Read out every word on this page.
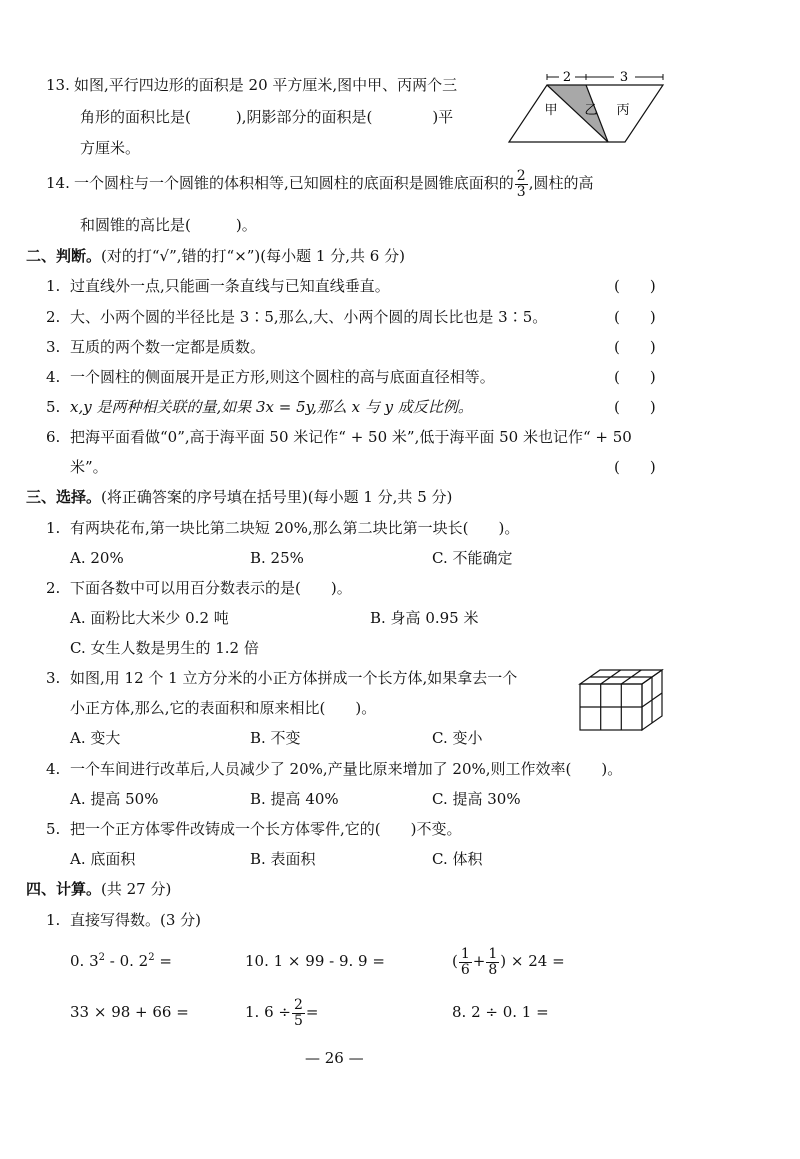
13. 如图,平行四边形的面积是 20 平方厘米,图中甲、丙两个三
角形的面积比是(　　　),阴影部分的面积是(　　　　)平
方厘米。
2	3
甲 乙 丙
14. 一个圆柱与一个圆锥的体积相等,已知圆柱的底面积是圆锥底面积的 $\frac{2}{3}$ ,圆柱的高
和圆锥的高比是(　　　)。
二、判断。(对的打“√”,错的打“×”)(每小题 1 分,共 6 分)
1. 过直线外一点,只能画一条直线与已知直线垂直。	(　　)
2. 大、小两个圆的半径比是 3∶5,那么,大、小两个圆的周长比也是 3∶5。	(　　)
3. 互质的两个数一定都是质数。	(　　)
4. 一个圆柱的侧面展开是正方形,则这个圆柱的高与底面直径相等。	(　　)
5. x,y 是两种相关联的量,如果 3x = 5y,那么 x 与 y 成反比例。	(　　)
6. 把海平面看做“0”,高于海平面 50 米记作“ + 50 米”,低于海平面 50 米也记作“ + 50
米”。	(　　)
三、选择。(将正确答案的序号填在括号里)(每小题 1 分,共 5 分)
1. 有两块花布,第一块比第二块短 20%,那么第二块比第一块长(　　)。
A. 20%	B. 25%	C. 不能确定
2. 下面各数中可以用百分数表示的是(　　)。
A. 面粉比大米少 0.2 吨	B. 身高 0.95 米
C. 女生人数是男生的 1.2 倍
3. 如图,用 12 个 1 立方分米的小正方体拼成一个长方体,如果拿去一个
小正方体,那么,它的表面积和原来相比(　　)。
A. 变大	B. 不变	C. 变小
4. 一个车间进行改革后,人员减少了 20%,产量比原来增加了 20%,则工作效率(　　)。
A. 提高 50%	B. 提高 40%	C. 提高 30%
5. 把一个正方体零件改铸成一个长方体零件,它的(　　)不变。
A. 底面积	B. 表面积	C. 体积
四、计算。(共 27 分)
1. 直接写得数。(3 分)
0. $3^2 - 0$. $2^2$ =	10. 1 × 99 - 9. 9 =	( $\frac{1}{6} + \frac{1}{8}$ ) × 24 =
33 × 98 + 66 =	1. $6 \div \frac{2}{5}$ =	8. 2 ÷ 0. 1 =
— 26 —
